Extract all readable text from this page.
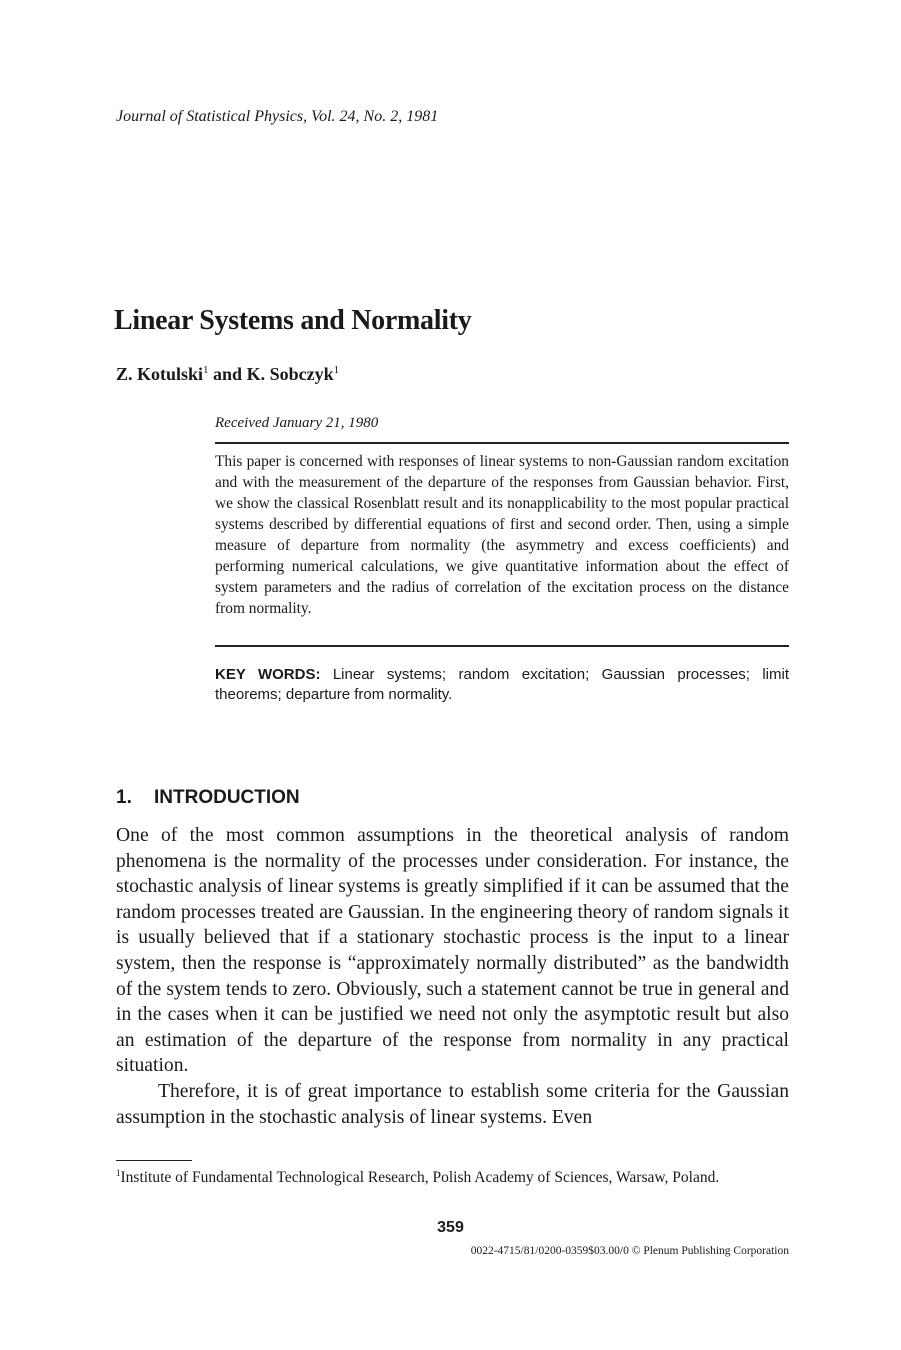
Journal of Statistical Physics, Vol. 24, No. 2, 1981
Linear Systems and Normality
Z. Kotulski$^1$ and K. Sobczyk$^1$
Received January 21, 1980
This paper is concerned with responses of linear systems to non-Gaussian random excitation and with the measurement of the departure of the responses from Gaussian behavior. First, we show the classical Rosenblatt result and its nonapplicability to the most popular practical systems described by differential equations of first and second order. Then, using a simple measure of departure from normality (the asymmetry and excess coefficients) and performing numerical calculations, we give quantitative information about the effect of system parameters and the radius of correlation of the excitation process on the distance from normality.
KEY WORDS: Linear systems; random excitation; Gaussian processes; limit theorems; departure from normality.
1. INTRODUCTION

One of the most common assumptions in the theoretical analysis of random phenomena is the normality of the processes under consideration. For instance, the stochastic analysis of linear systems is greatly simplified if it can be assumed that the random processes treated are Gaussian. In the engineering theory of random signals it is usually believed that if a stationary stochastic process is the input to a linear system, then the response is “approximately normally distributed” as the bandwidth of the system tends to zero. Obviously, such a statement cannot be true in general and in the cases when it can be justified we need not only the asymptotic result but also an estimation of the departure of the response from normality in any practical situation.

Therefore, it is of great importance to establish some criteria for the Gaussian assumption in the stochastic analysis of linear systems. Even

$^1$Institute of Fundamental Technological Research, Polish Academy of Sciences, Warsaw, Poland.
359
0022-4715/81/0200-0359$03.00/0 © Plenum Publishing Corporation
